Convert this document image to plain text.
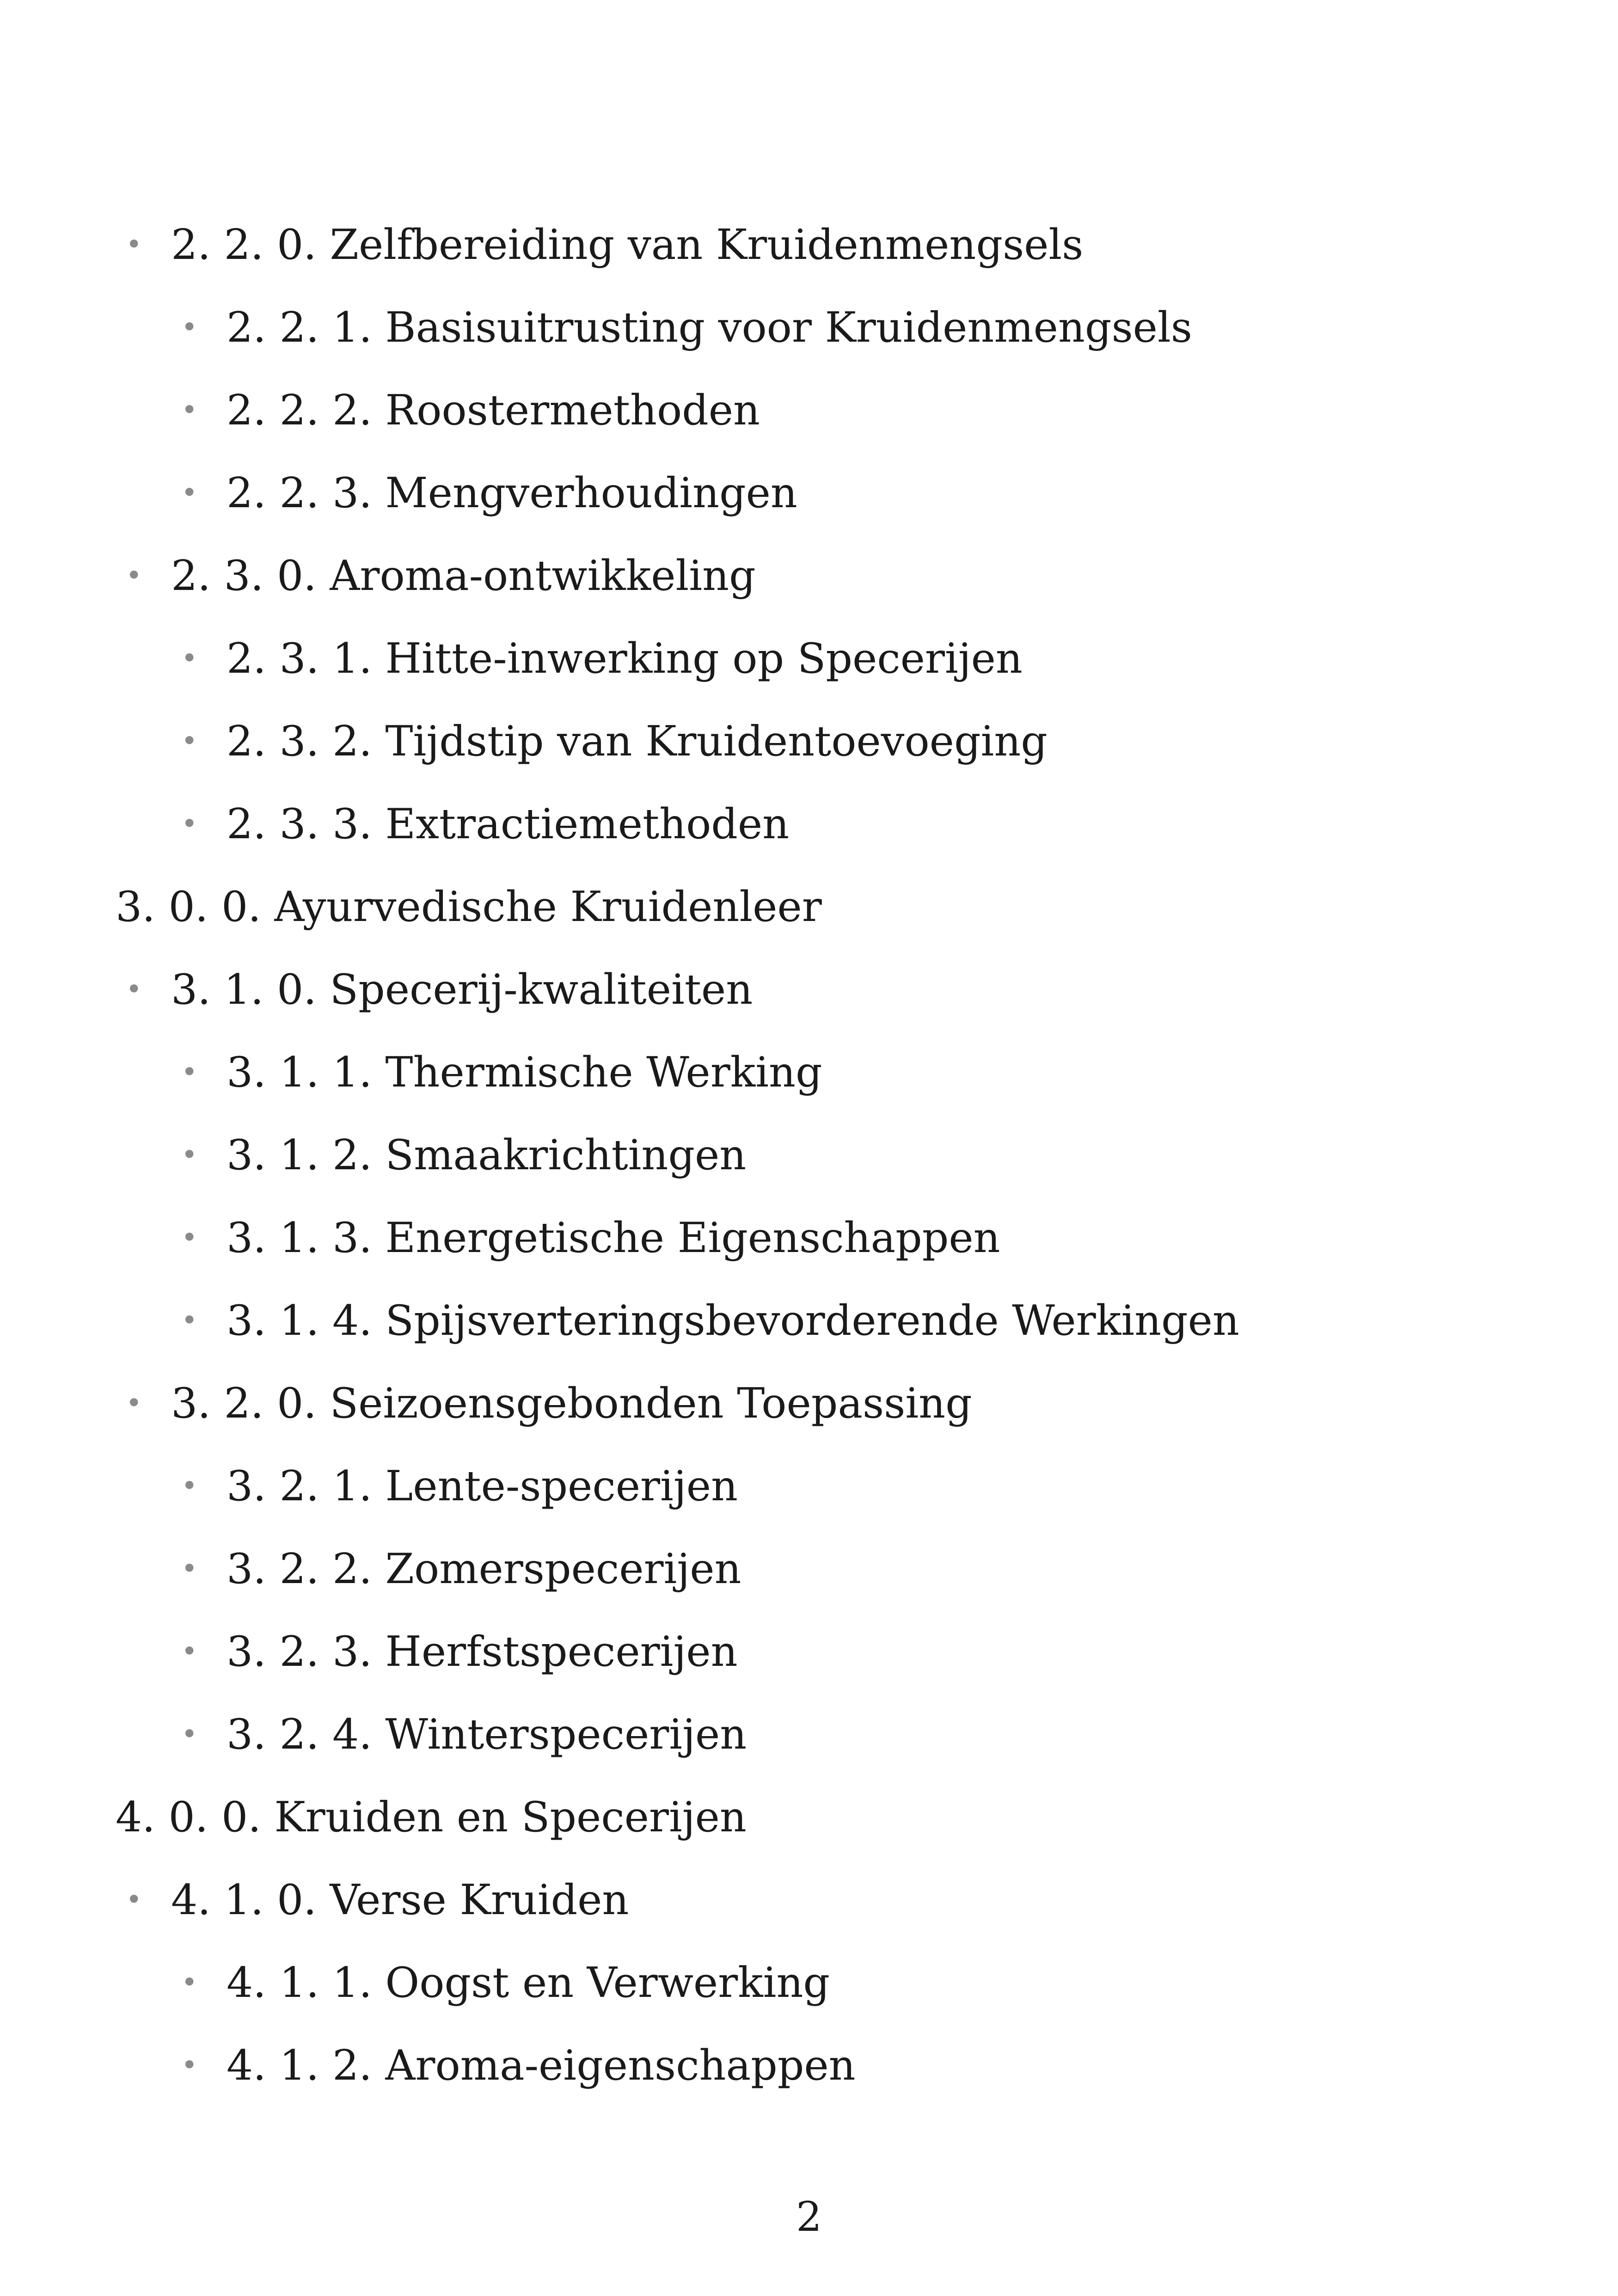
• 2. 2. 0. Zelfbereiding van Kruidenmengsels
• 2. 2. 1. Basisuitrusting voor Kruidenmengsels
• 2. 2. 2. Roostermethoden
• 2. 2. 3. Mengverhoudingen
• 2. 3. 0. Aroma-ontwikkeling
• 2. 3. 1. Hitte-inwerking op Specerijen
• 2. 3. 2. Tijdstip van Kruidentoevoeging
• 2. 3. 3. Extractiemethoden
3. 0. 0. Ayurvedische Kruidenleer
• 3. 1. 0. Specerij-kwaliteiten
• 3. 1. 1. Thermische Werking
• 3. 1. 2. Smaakrichtingen
• 3. 1. 3. Energetische Eigenschappen
• 3. 1. 4. Spijsverteringsbevorderende Werkingen
• 3. 2. 0. Seizoensgebonden Toepassing
• 3. 2. 1. Lente-specerijen
• 3. 2. 2. Zomerspecerijen
• 3. 2. 3. Herfstspecerijen
• 3. 2. 4. Winterspecerijen
4. 0. 0. Kruiden en Specerijen
• 4. 1. 0. Verse Kruiden
• 4. 1. 1. Oogst en Verwerking
• 4. 1. 2. Aroma-eigenschappen
2
